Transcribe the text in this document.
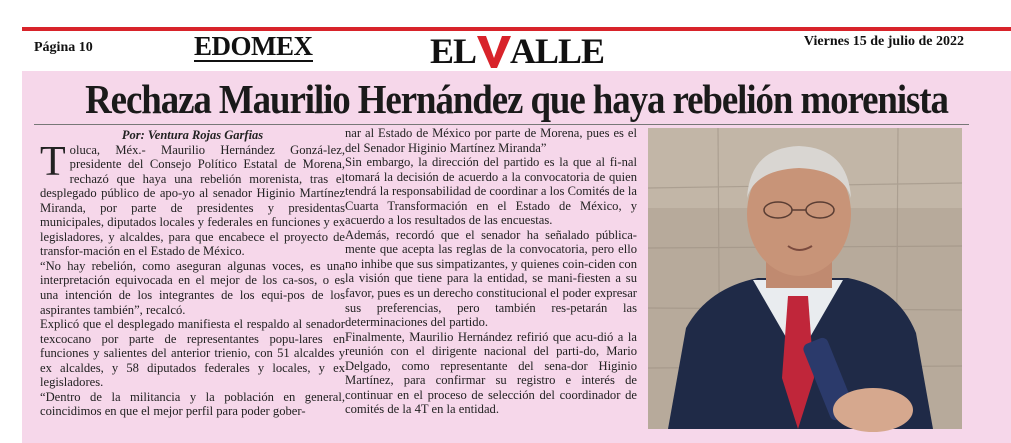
Página 10	EDOMEX	EL ALLE	Viernes 15 de julio de 2022
Rechaza Maurilio Hernández que haya rebelión morenista

Por: Ventura Rojas Garfias

Toluca, Méx.- Maurilio Hernández Gonzá-lez, presidente del Consejo Político Estatal de Morena, rechazó que haya una rebelión morenista, tras el desplegado público de apo-yo al senador Higinio Martínez Miranda, por parte de presidentes y presidentas municipales, diputados locales y federales en funciones y ex legisladores, y alcaldes, para que encabece el proyecto de transfor-mación en el Estado de México.

“No hay rebelión, como aseguran algunas voces, es una interpretación equivocada en el mejor de los ca-sos, o es una intención de los integrantes de los equi-pos de los aspirantes también”, recalcó.

Explicó que el desplegado manifiesta el respaldo al senador texcocano por parte de representantes popu-lares en funciones y salientes del anterior trienio, con 51 alcaldes y ex alcaldes, y 58 diputados federales y locales, y ex legisladores.

“Dentro de la militancia y la población en general, coincidimos en que el mejor perfil para poder gober-

nar al Estado de México por parte de Morena, pues es el del Senador Higinio Martínez Miranda”

Sin embargo, la dirección del partido es la que al fi-nal tomará la decisión de acuerdo a la convocatoria de quien tendrá la responsabilidad de coordinar a los Comités de la Cuarta Transformación en el Estado de México, y acuerdo a los resultados de las encuestas.

Además, recordó que el senador ha señalado pública-mente que acepta las reglas de la convocatoria, pero ello no inhibe que sus simpatizantes, y quienes coin-ciden con la visión que tiene para la entidad, se mani-fiesten a su favor, pues es un derecho constitucional el poder expresar sus preferencias, pero también res-petarán las determinaciones del partido.

Finalmente, Maurilio Hernández refirió que acu-dió a la reunión con el dirigente nacional del parti-do, Mario Delgado, como representante del sena-dor Higinio Martínez, para confirmar su registro e interés de continuar en el proceso de selección del coordinador de comités de la 4T en la entidad.
